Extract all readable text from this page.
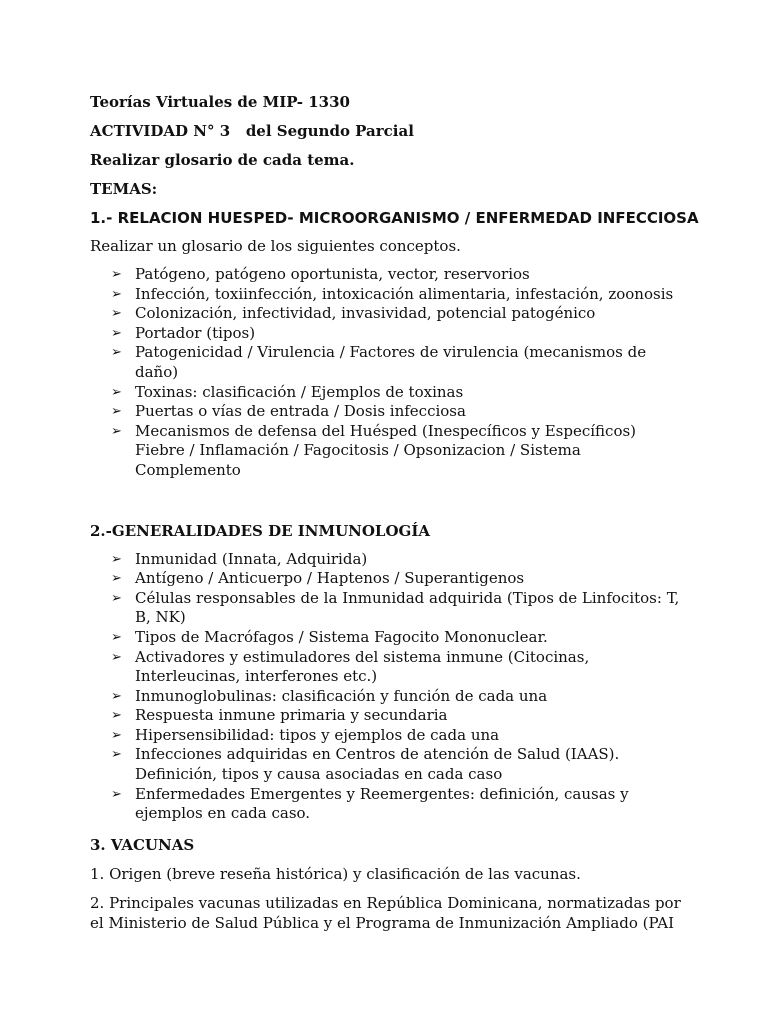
Teorías Virtuales de MIP- 1330

ACTIVIDAD N° 3   del Segundo Parcial

Realizar glosario de cada tema.

TEMAS:

1.- RELACION HUESPED- MICROORGANISMO / ENFERMEDAD INFECCIOSA

Realizar un glosario de los siguientes conceptos.

➢ Patógeno, patógeno oportunista, vector, reservorios
➢ Infección, toxiinfección, intoxicación alimentaria, infestación, zoonosis
➢ Colonización, infectividad, invasividad, potencial patogénico
➢ Portador (tipos)
➢ Patogenicidad / Virulencia / Factores de virulencia (mecanismos de daño)
➢ Toxinas: clasificación / Ejemplos de toxinas
➢ Puertas o vías de entrada / Dosis infecciosa
➢ Mecanismos de defensa del Huésped (Inespecíficos y Específicos) Fiebre / Inflamación / Fagocitosis / Opsonizacion / Sistema Complemento

2.-GENERALIDADES DE INMUNOLOGÍA

➢ Inmunidad (Innata, Adquirida)
➢ Antígeno / Anticuerpo / Haptenos / Superantigenos
➢ Células responsables de la Inmunidad adquirida (Tipos de Linfocitos: T, B, NK)
➢ Tipos de Macrófagos / Sistema Fagocito Mononuclear.
➢ Activadores y estimuladores del sistema inmune (Citocinas, Interleucinas, interferones etc.)
➢ Inmunoglobulinas: clasificación y función de cada una
➢ Respuesta inmune primaria y secundaria
➢ Hipersensibilidad: tipos y ejemplos de cada una
➢ Infecciones adquiridas en Centros de atención de Salud (IAAS). Definición, tipos y causa asociadas en cada caso
➢ Enfermedades Emergentes y Reemergentes: definición, causas y ejemplos en cada caso.

3. VACUNAS

1. Origen (breve reseña histórica) y clasificación de las vacunas.

2. Principales vacunas utilizadas en República Dominicana, normatizadas por el Ministerio de Salud Pública y el Programa de Inmunización Ampliado (PAI
